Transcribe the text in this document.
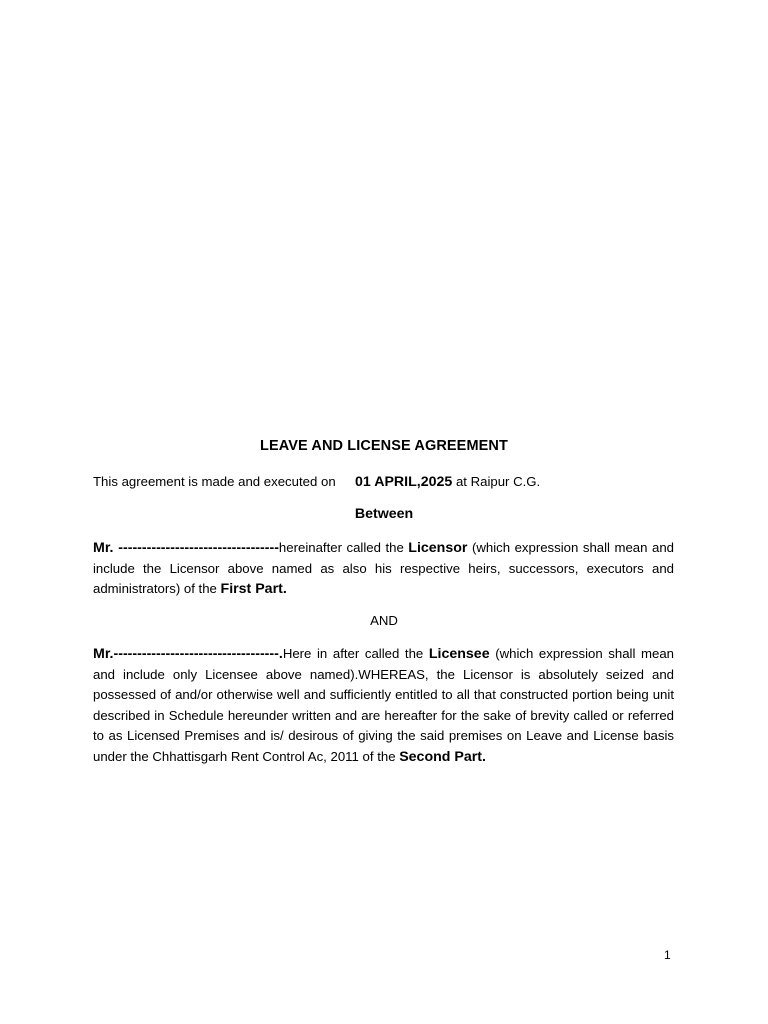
LEAVE AND LICENSE AGREEMENT
This agreement is made and executed on 01 APRIL,2025 at Raipur C.G.
Between
Mr. ----------------------------------hereinafter called the Licensor (which expression shall mean and include the Licensor above named as also his respective heirs, successors, executors and administrators) of the First Part.
AND
Mr.-----------------------------------.Here in after called the Licensee (which expression shall mean and include only Licensee above named).WHEREAS, the Licensor is absolutely seized and possessed of and/or otherwise well and sufficiently entitled to all that constructed portion being unit described in Schedule hereunder written and are hereafter for the sake of brevity called or referred to as Licensed Premises and is/ desirous of giving the said premises on Leave and License basis under the Chhattisgarh Rent Control Ac, 2011 of the Second Part.
1
